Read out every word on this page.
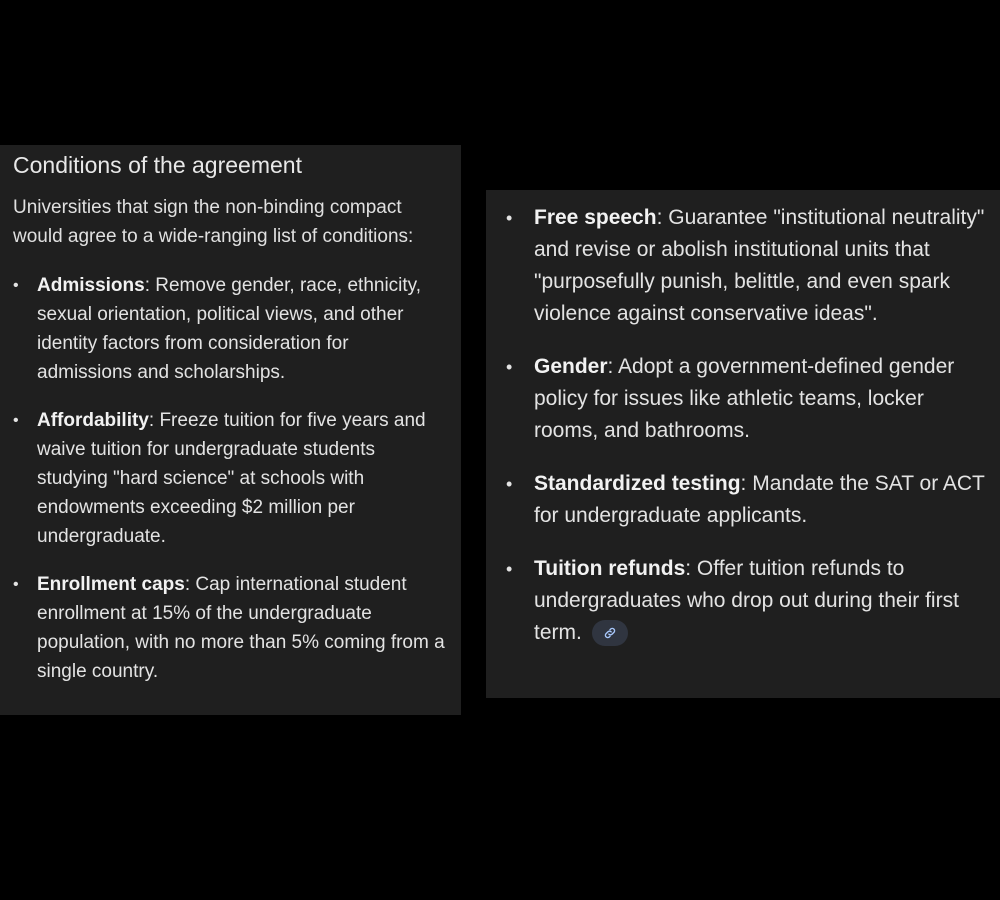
Conditions of the agreement

Universities that sign the non-binding compact would agree to a wide-ranging list of conditions:

• Admissions: Remove gender, race, ethnicity, sexual orientation, political views, and other identity factors from consideration for admissions and scholarships.
• Affordability: Freeze tuition for five years and waive tuition for undergraduate students studying "hard science" at schools with endowments exceeding $2 million per undergraduate.
• Enrollment caps: Cap international student enrollment at 15% of the undergraduate population, with no more than 5% coming from a single country.
• Free speech: Guarantee "institutional neutrality" and revise or abolish institutional units that "purposefully punish, belittle, and even spark violence against conservative ideas".
• Gender: Adopt a government-defined gender policy for issues like athletic teams, locker rooms, and bathrooms.
• Standardized testing: Mandate the SAT or ACT for undergraduate applicants.
• Tuition refunds: Offer tuition refunds to undergraduates who drop out during their first term.
